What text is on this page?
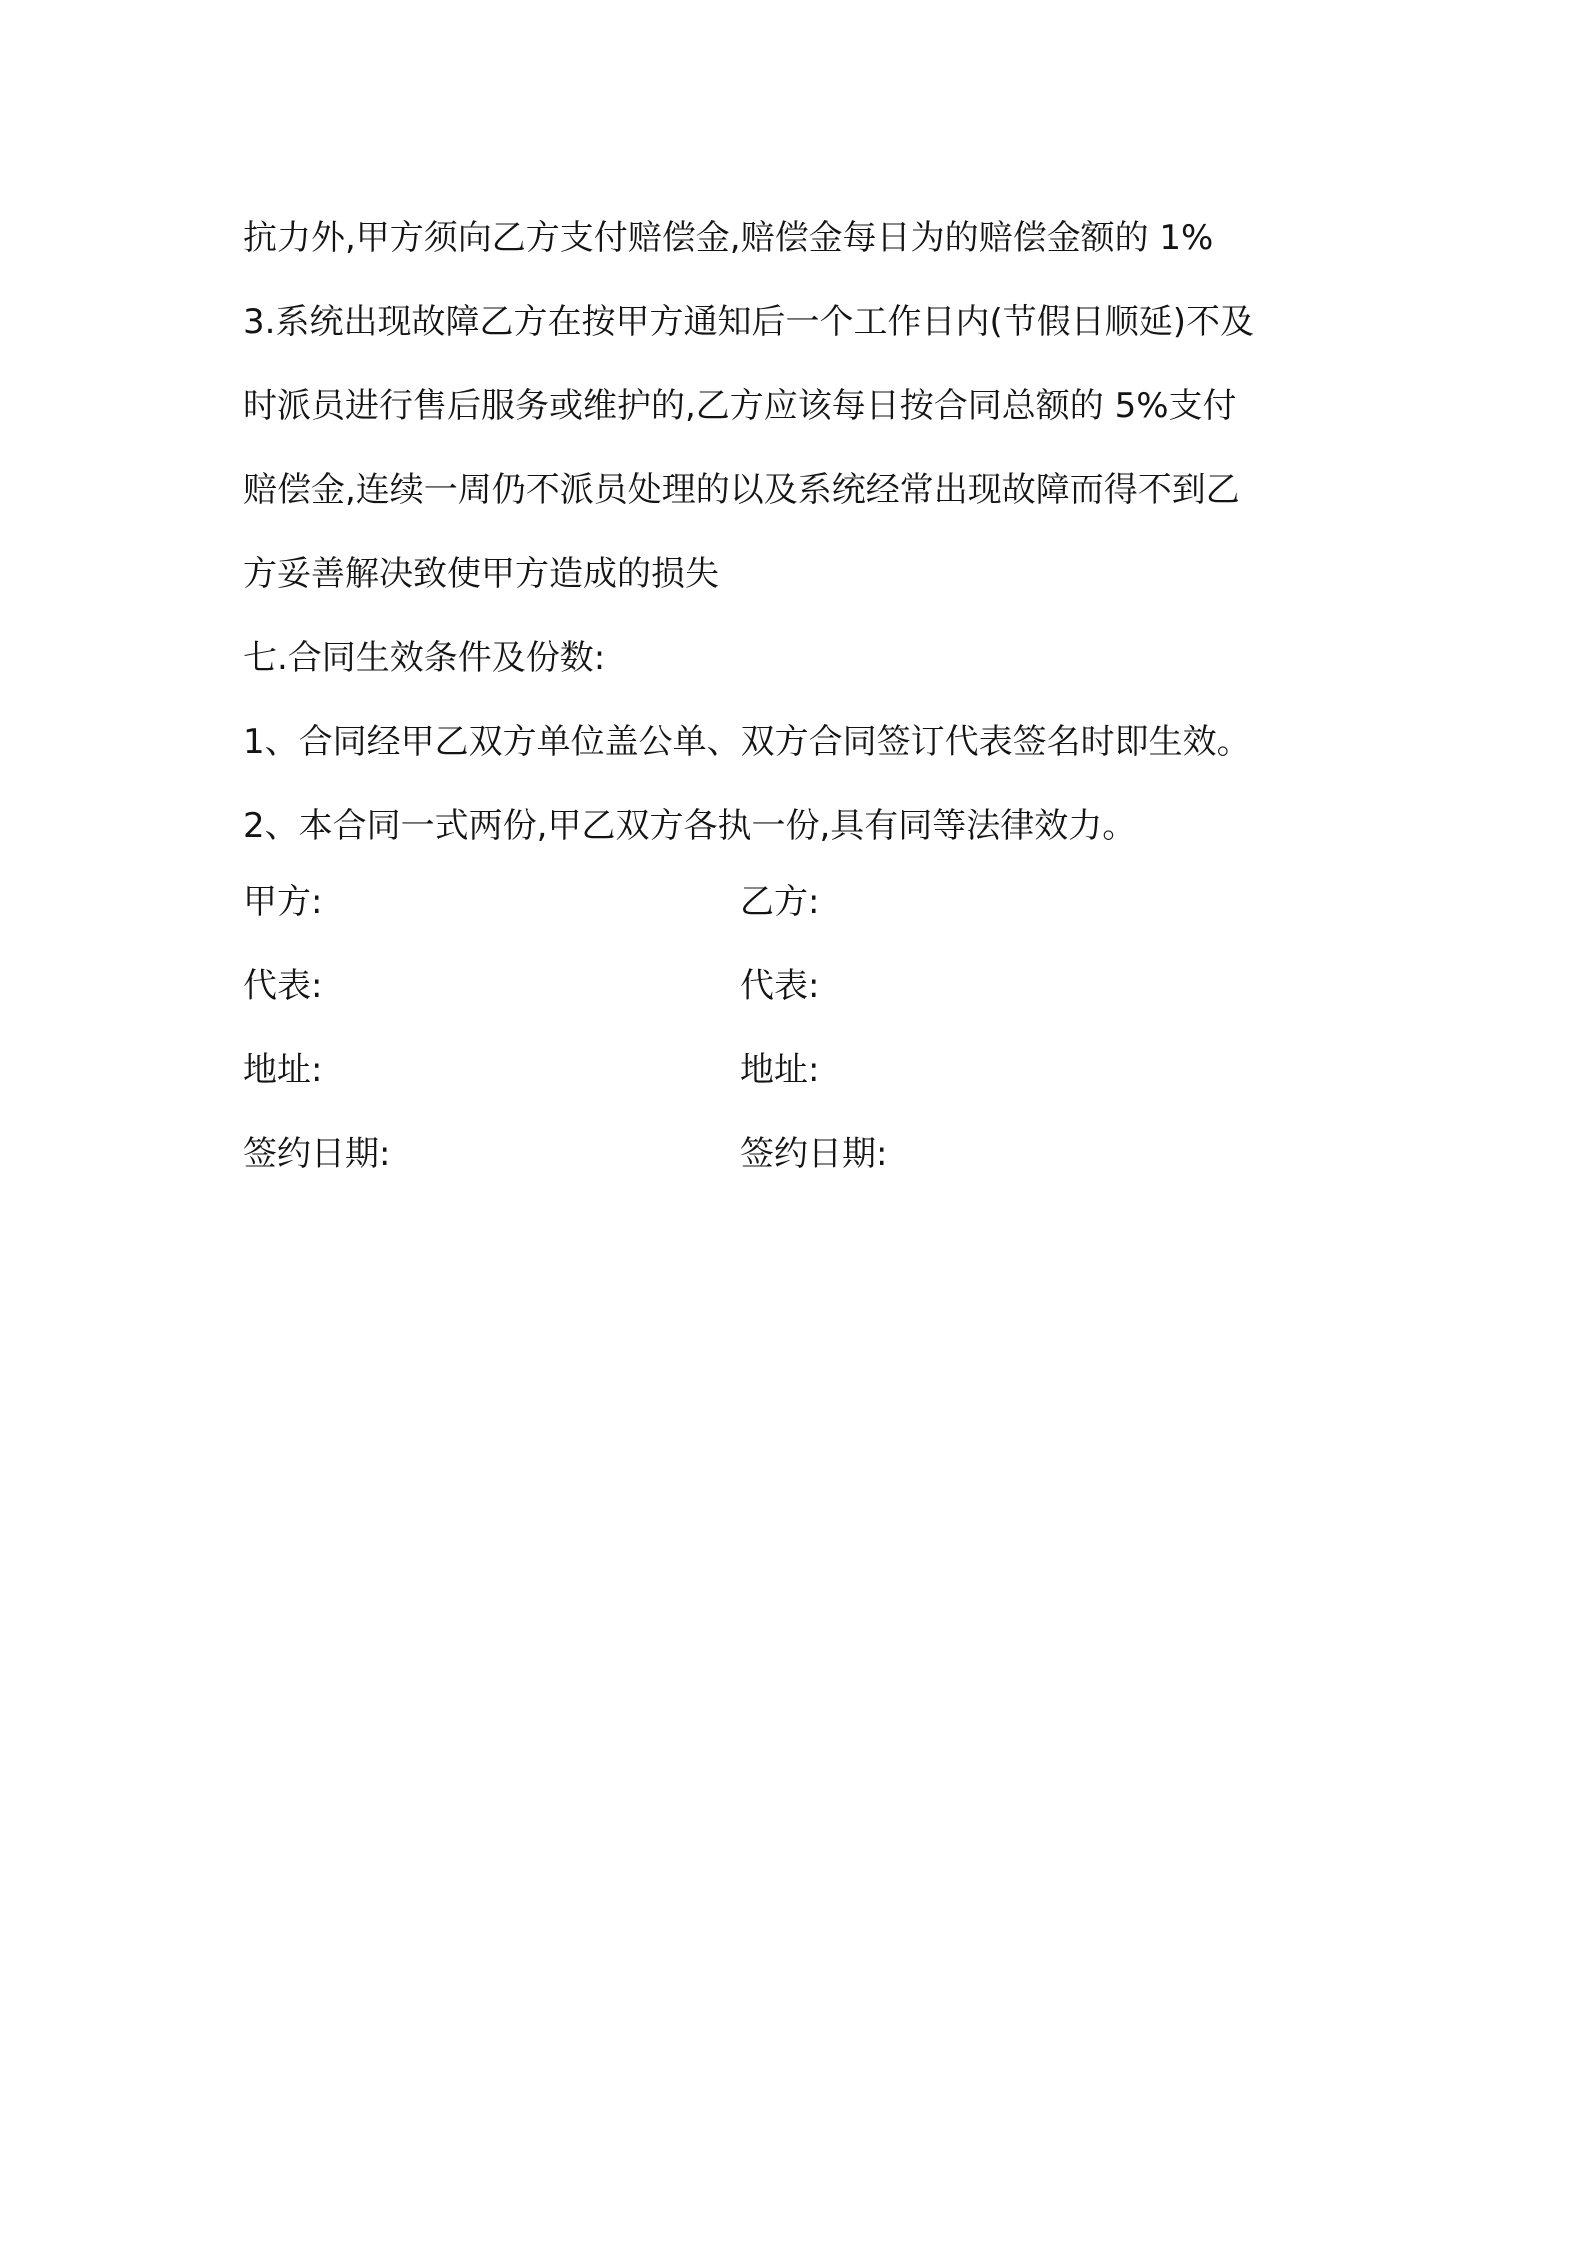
抗力外,甲方须向乙方支付赔偿金,赔偿金每日为的赔偿金额的 1%
3.系统出现故障乙方在按甲方通知后一个工作日内(节假日顺延)不及
时派员进行售后服务或维护的,乙方应该每日按合同总额的 5%支付
赔偿金,连续一周仍不派员处理的以及系统经常出现故障而得不到乙
方妥善解决致使甲方造成的损失
七.合同生效条件及份数:
1、合同经甲乙双方单位盖公单、双方合同签订代表签名时即生效。
2、本合同一式两份,甲乙双方各执一份,具有同等法律效力。
甲方:	乙方:
代表:	代表:
地址:	地址:
签约日期:	签约日期:
